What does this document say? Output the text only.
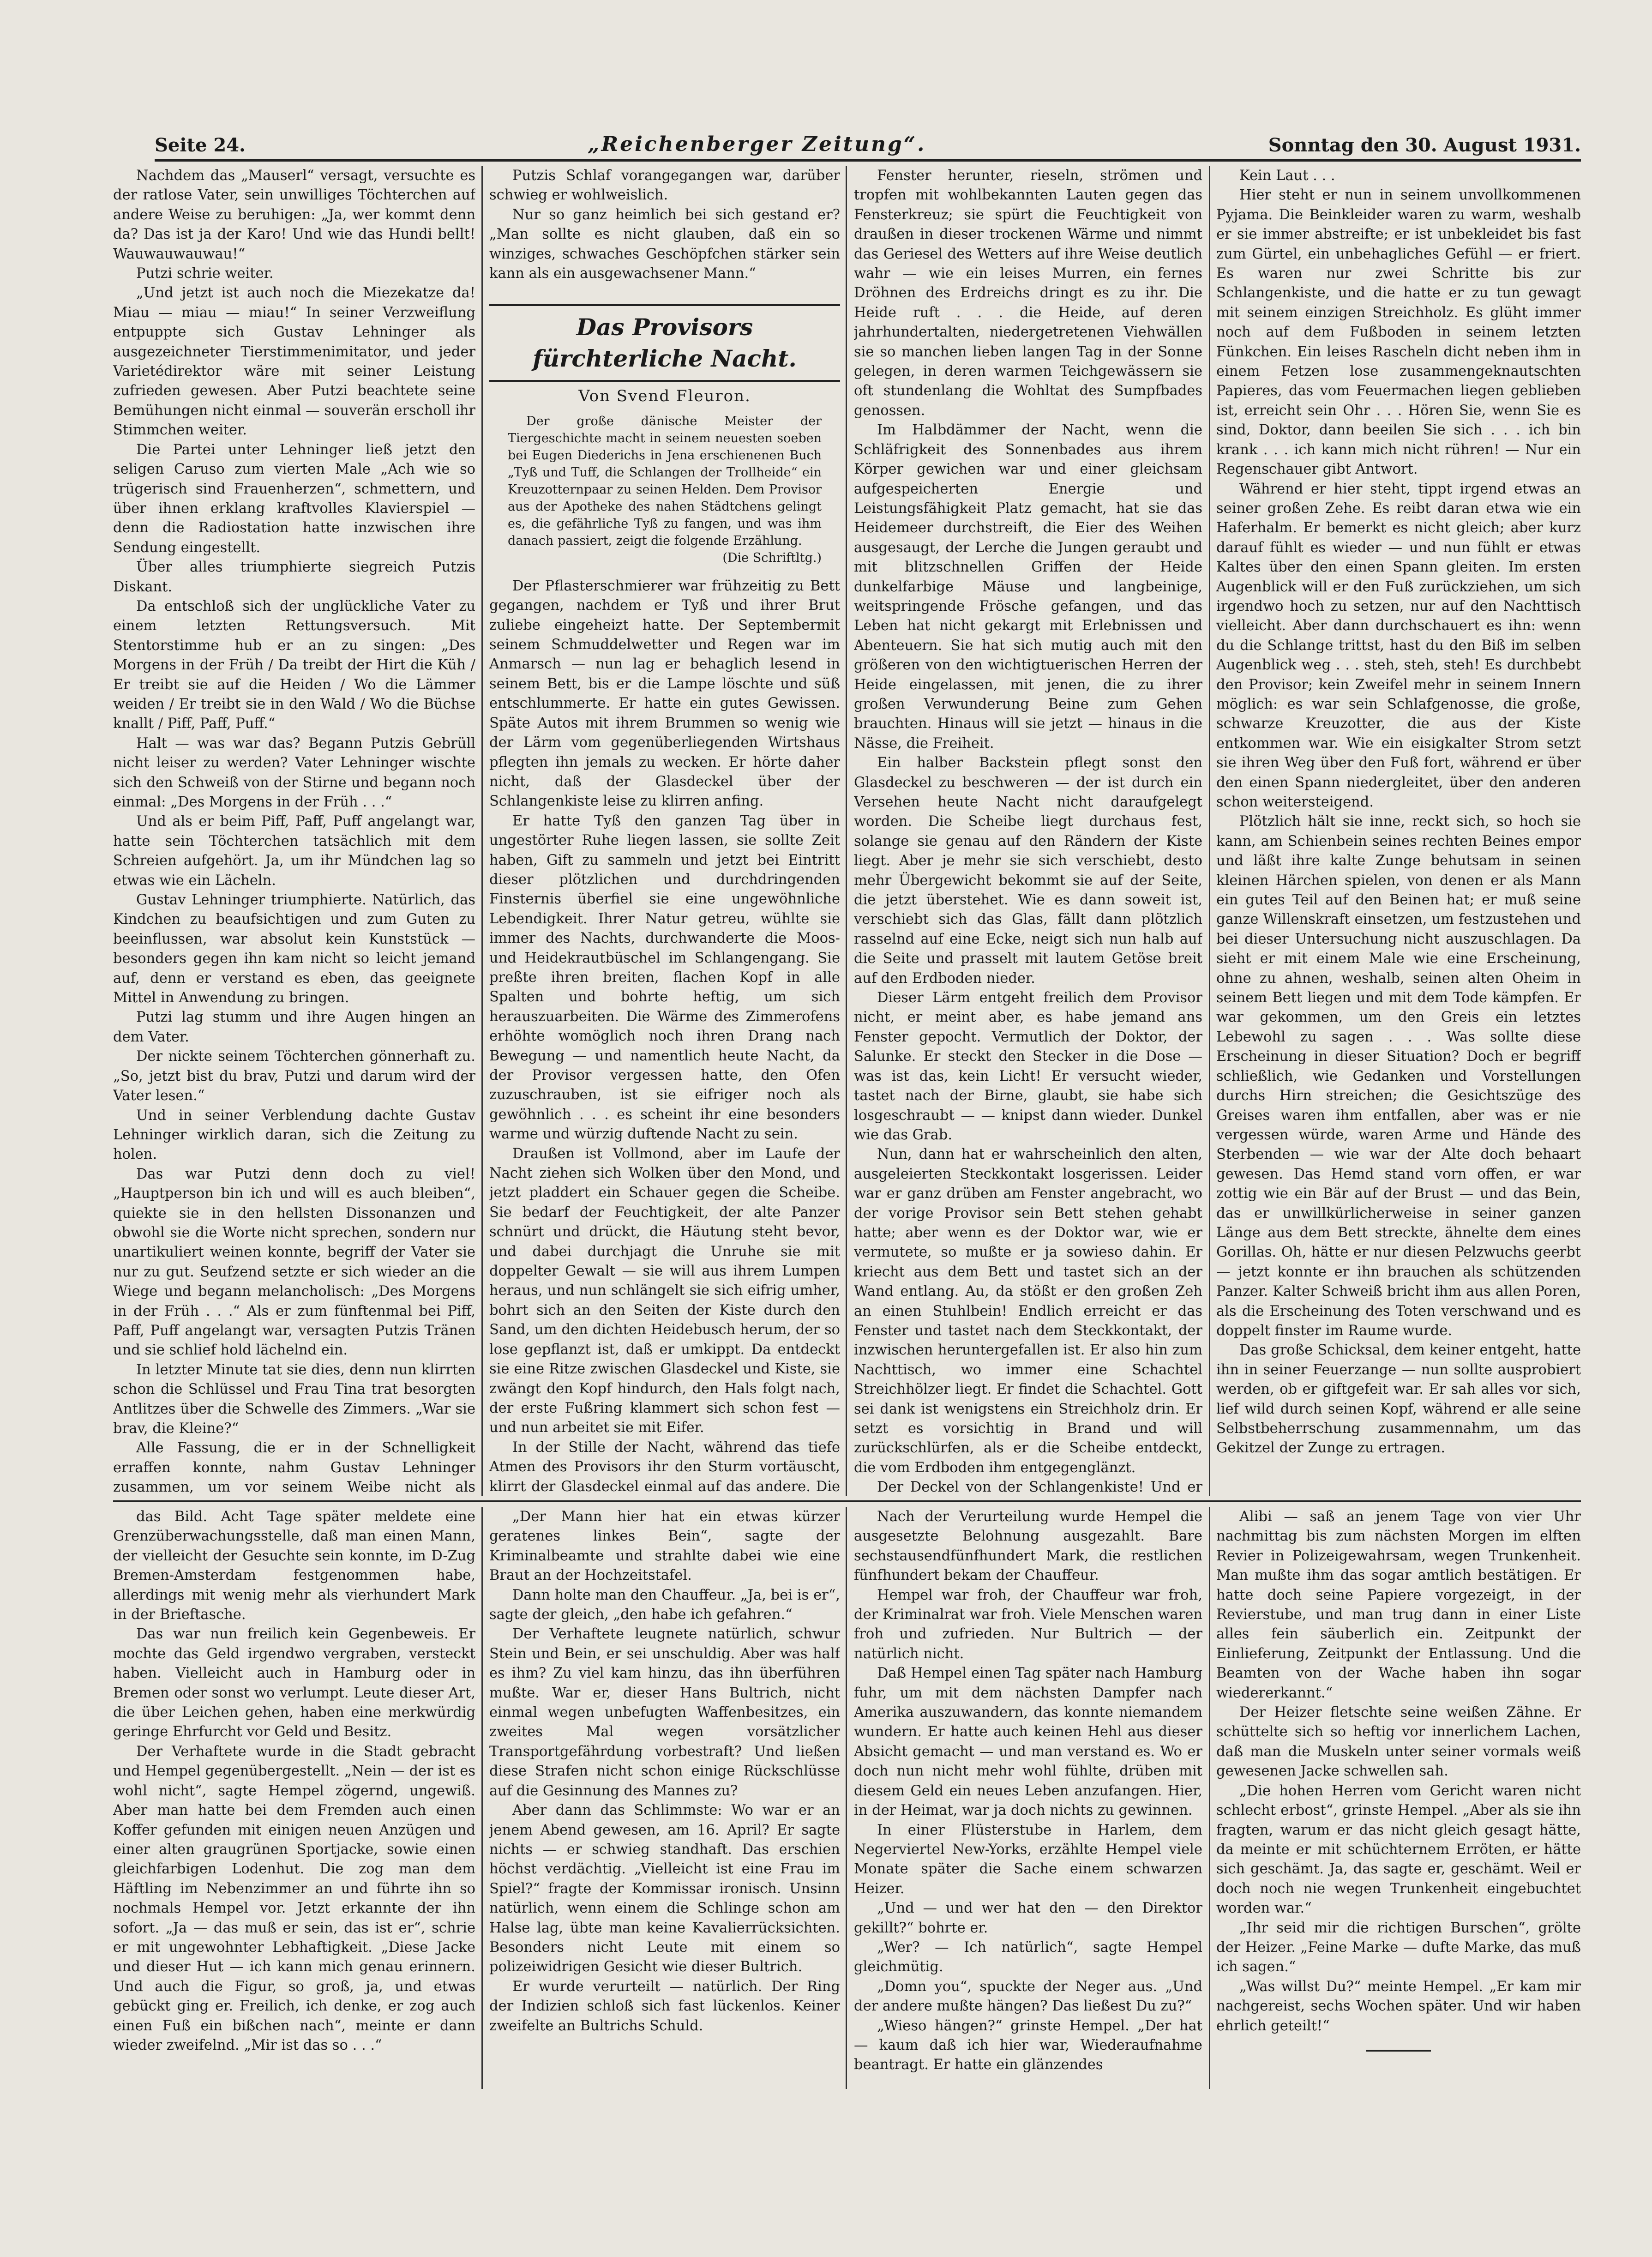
Seite 24.	„Reichenberger Zeitung“.	Sonntag den 30. August 1931.

Nachdem das „Mauserl“ versagt, versuchte es der ratlose Vater, sein unwilliges Töchterchen auf andere Weise zu beruhigen: „Ja, wer kommt denn da? Das ist ja der Karo! Und wie das Hundi bellt! Wauwauwauwau!“

Putzi schrie weiter.

„Und jetzt ist auch noch die Miezekatze da! Miau — miau — miau!“ In seiner Verzweiflung entpuppte sich Gustav Lehninger als ausgezeichneter Tierstimmenimitator, und jeder Varietédirektor wäre mit seiner Leistung zufrieden gewesen. Aber Putzi beachtete seine Bemühungen nicht einmal — souverän erscholl ihr Stimmchen weiter.

Die Partei unter Lehninger ließ jetzt den seligen Caruso zum vierten Male „Ach wie so trügerisch sind Frauenherzen“, schmettern, und über ihnen erklang kraftvolles Klavierspiel — denn die Radiostation hatte inzwischen ihre Sendung eingestellt.

Über alles triumphierte siegreich Putzis Diskant.

Da entschloß sich der unglückliche Vater zu einem letzten Rettungsversuch. Mit Stentorstimme hub er an zu singen: „Des Morgens in der Früh / Da treibt der Hirt die Küh / Er treibt sie auf die Heiden / Wo die Lämmer weiden / Er treibt sie in den Wald / Wo die Büchse knallt / Piff, Paff, Puff.“

Halt — was war das? Begann Putzis Gebrüll nicht leiser zu werden? Vater Lehninger wischte sich den Schweiß von der Stirne und begann noch einmal: „Des Morgens in der Früh . . .“

Und als er beim Piff, Paff, Puff angelangt war, hatte sein Töchterchen tatsächlich mit dem Schreien aufgehört. Ja, um ihr Mündchen lag so etwas wie ein Lächeln.

Gustav Lehninger triumphierte. Natürlich, das Kindchen zu beaufsichtigen und zum Guten zu beeinflussen, war absolut kein Kunststück — besonders gegen ihn kam nicht so leicht jemand auf, denn er verstand es eben, das geeignete Mittel in Anwendung zu bringen.

Putzi lag stumm und ihre Augen hingen an dem Vater.

Der nickte seinem Töchterchen gönnerhaft zu. „So, jetzt bist du brav, Putzi und darum wird der Vater lesen.“

Und in seiner Verblendung dachte Gustav Lehninger wirklich daran, sich die Zeitung zu holen.

Das war Putzi denn doch zu viel! „Hauptperson bin ich und will es auch bleiben“, quiekte sie in den hellsten Dissonanzen und obwohl sie die Worte nicht sprechen, sondern nur unartikuliert weinen konnte, begriff der Vater sie nur zu gut. Seufzend setzte er sich wieder an die Wiege und begann melancholisch: „Des Morgens in der Früh . . .“ Als er zum fünftenmal bei Piff, Paff, Puff angelangt war, versagten Putzis Tränen und sie schlief hold lächelnd ein.

In letzter Minute tat sie dies, denn nun klirrten schon die Schlüssel und Frau Tina trat besorgten Antlitzes über die Schwelle des Zimmers. „War sie brav, die Kleine?“

Alle Fassung, die er in der Schnelligkeit erraffen konnte, nahm Gustav Lehninger zusammen, um vor seinem Weibe nicht als

Putzis Schlaf vorangegangen war, darüber schwieg er wohlweislich.

Nur so ganz heimlich bei sich gestand er? „Man sollte es nicht glauben, daß ein so winziges, schwaches Geschöpfchen stärker sein kann als ein ausgewachsener Mann.“

Das Provisors fürchterliche Nacht.
Von Svend Fleuron.
Der große dänische Meister der Tiergeschichte macht in seinem neuesten soeben bei Eugen Diederichs in Jena erschienenen Buch „Tyß und Tuff, die Schlangen der Trollheide“ ein Kreuzotternpaar zu seinen Helden. Dem Provisor aus der Apotheke des nahen Städtchens gelingt es, die gefährliche Tyß zu fangen, und was ihm danach passiert, zeigt die folgende Erzählung.
(Die Schriftltg.)

Der Pflasterschmierer war frühzeitig zu Bett gegangen, nachdem er Tyß und ihrer Brut zuliebe eingeheizt hatte. Der Septembermit seinem Schmuddelwetter und Regen war im Anmarsch — nun lag er behaglich lesend in seinem Bett, bis er die Lampe löschte und süß entschlummerte. Er hatte ein gutes Gewissen. Späte Autos mit ihrem Brummen so wenig wie der Lärm vom gegenüberliegenden Wirtshaus pflegten ihn jemals zu wecken. Er hörte daher nicht, daß der Glasdeckel über der Schlangenkiste leise zu klirren anfing.

Er hatte Tyß den ganzen Tag über in ungestörter Ruhe liegen lassen, sie sollte Zeit haben, Gift zu sammeln und jetzt bei Eintritt dieser plötzlichen und durchdringenden Finsternis überfiel sie eine ungewöhnliche Lebendigkeit. Ihrer Natur getreu, wühlte sie immer des Nachts, durchwanderte die Moos- und Heidekrautbüschel im Schlangengang. Sie preßte ihren breiten, flachen Kopf in alle Spalten und bohrte heftig, um sich herauszuarbeiten. Die Wärme des Zimmerofens erhöhte womöglich noch ihren Drang nach Bewegung — und namentlich heute Nacht, da der Provisor vergessen hatte, den Ofen zuzuschrauben, ist sie eifriger noch als gewöhnlich . . . es scheint ihr eine besonders warme und würzig duftende Nacht zu sein.

Draußen ist Vollmond, aber im Laufe der Nacht ziehen sich Wolken über den Mond, und jetzt pladdert ein Schauer gegen die Scheibe. Sie bedarf der Feuchtigkeit, der alte Panzer schnürt und drückt, die Häutung steht bevor, und dabei durchjagt die Unruhe sie mit doppelter Gewalt — sie will aus ihrem Lumpen heraus, und nun schlängelt sie sich eifrig umher, bohrt sich an den Seiten der Kiste durch den Sand, um den dichten Heidebusch herum, der so lose gepflanzt ist, daß er umkippt. Da entdeckt sie eine Ritze zwischen Glasdeckel und Kiste, sie zwängt den Kopf hindurch, den Hals folgt nach, der erste Fußring klammert sich schon fest — und nun arbeitet sie mit Eifer.

In der Stille der Nacht, während das tiefe Atmen des Provisors ihr den Sturm vortäuscht, klirrt der Glasdeckel einmal auf das andere. Die

Fenster herunter, rieseln, strömen und tropfen mit wohlbekannten Lauten gegen das Fensterkreuz; sie spürt die Feuchtigkeit von draußen in dieser trockenen Wärme und nimmt das Geriesel des Wetters auf ihre Weise deutlich wahr — wie ein leises Murren, ein fernes Dröhnen des Erdreichs dringt es zu ihr. Die Heide ruft . . . die Heide, auf deren jahrhundertalten, niedergetretenen Viehwällen sie so manchen lieben langen Tag in der Sonne gelegen, in deren warmen Teichgewässern sie oft stundenlang die Wohltat des Sumpfbades genossen.

Im Halbdämmer der Nacht, wenn die Schläfrigkeit des Sonnenbades aus ihrem Körper gewichen war und einer gleichsam aufgespeicherten Energie und Leistungsfähigkeit Platz gemacht, hat sie das Heidemeer durchstreift, die Eier des Weihen ausgesaugt, der Lerche die Jungen geraubt und mit blitzschnellen Griffen der Heide dunkelfarbige Mäuse und langbeinige, weitspringende Frösche gefangen, und das Leben hat nicht gekargt mit Erlebnissen und Abenteuern. Sie hat sich mutig auch mit den größeren von den wichtigtuerischen Herren der Heide eingelassen, mit jenen, die zu ihrer großen Verwunderung Beine zum Gehen brauchten. Hinaus will sie jetzt — hinaus in die Nässe, die Freiheit.

Ein halber Backstein pflegt sonst den Glasdeckel zu beschweren — der ist durch ein Versehen heute Nacht nicht daraufgelegt worden. Die Scheibe liegt durchaus fest, solange sie genau auf den Rändern der Kiste liegt. Aber je mehr sie sich verschiebt, desto mehr Übergewicht bekommt sie auf der Seite, die jetzt überstehet. Wie es dann soweit ist, verschiebt sich das Glas, fällt dann plötzlich rasselnd auf eine Ecke, neigt sich nun halb auf die Seite und prasselt mit lautem Getöse breit auf den Erdboden nieder.

Dieser Lärm entgeht freilich dem Provisor nicht, er meint aber, es habe jemand ans Fenster gepocht. Vermutlich der Doktor, der Salunke. Er steckt den Stecker in die Dose — was ist das, kein Licht! Er versucht wieder, tastet nach der Birne, glaubt, sie habe sich losgeschraubt — — knipst dann wieder. Dunkel wie das Grab.

Nun, dann hat er wahrscheinlich den alten, ausgeleierten Steckkontakt losgerissen. Leider war er ganz drüben am Fenster angebracht, wo der vorige Provisor sein Bett stehen gehabt hatte; aber wenn es der Doktor war, wie er vermutete, so mußte er ja sowieso dahin. Er kriecht aus dem Bett und tastet sich an der Wand entlang. Au, da stößt er den großen Zeh an einen Stuhlbein! Endlich erreicht er das Fenster und tastet nach dem Steckkontakt, der inzwischen heruntergefallen ist. Er also hin zum Nachttisch, wo immer eine Schachtel Streichhölzer liegt. Er findet die Schachtel. Gott sei dank ist wenigstens ein Streichholz drin. Er setzt es vorsichtig in Brand und will zurückschlürfen, als er die Scheibe entdeckt, die vom Erdboden ihm entgegenglänzt.

Der Deckel von der Schlangenkiste! Und er

Kein Laut . . .

Hier steht er nun in seinem unvollkommenen Pyjama. Die Beinkleider waren zu warm, weshalb er sie immer abstreifte; er ist unbekleidet bis fast zum Gürtel, ein unbehagliches Gefühl — er friert. Es waren nur zwei Schritte bis zur Schlangenkiste, und die hatte er zu tun gewagt mit seinem einzigen Streichholz. Es glüht immer noch auf dem Fußboden in seinem letzten Fünkchen. Ein leises Rascheln dicht neben ihm in einem Fetzen lose zusammengeknautschten Papieres, das vom Feuermachen liegen geblieben ist, erreicht sein Ohr . . . Hören Sie, wenn Sie es sind, Doktor, dann beeilen Sie sich . . . ich bin krank . . . ich kann mich nicht rühren! — Nur ein Regenschauer gibt Antwort.

Während er hier steht, tippt irgend etwas an seiner großen Zehe. Es reibt daran etwa wie ein Haferhalm. Er bemerkt es nicht gleich; aber kurz darauf fühlt es wieder — und nun fühlt er etwas Kaltes über den einen Spann gleiten. Im ersten Augenblick will er den Fuß zurückziehen, um sich irgendwo hoch zu setzen, nur auf den Nachttisch vielleicht. Aber dann durchschauert es ihn: wenn du die Schlange trittst, hast du den Biß im selben Augenblick weg . . . steh, steh, steh! Es durchbebt den Provisor; kein Zweifel mehr in seinem Innern möglich: es war sein Schlafgenosse, die große, schwarze Kreuzotter, die aus der Kiste entkommen war. Wie ein eisigkalter Strom setzt sie ihren Weg über den Fuß fort, während er über den einen Spann niedergleitet, über den anderen schon weitersteigend.

Plötzlich hält sie inne, reckt sich, so hoch sie kann, am Schienbein seines rechten Beines empor und läßt ihre kalte Zunge behutsam in seinen kleinen Härchen spielen, von denen er als Mann ein gutes Teil auf den Beinen hat; er muß seine ganze Willenskraft einsetzen, um festzustehen und bei dieser Untersuchung nicht auszuschlagen. Da sieht er mit einem Male wie eine Erscheinung, ohne zu ahnen, weshalb, seinen alten Oheim in seinem Bett liegen und mit dem Tode kämpfen. Er war gekommen, um den Greis ein letztes Lebewohl zu sagen . . . Was sollte diese Erscheinung in dieser Situation? Doch er begriff schließlich, wie Gedanken und Vorstellungen durchs Hirn streichen; die Gesichtszüge des Greises waren ihm entfallen, aber was er nie vergessen würde, waren Arme und Hände des Sterbenden — wie war der Alte doch behaart gewesen. Das Hemd stand vorn offen, er war zottig wie ein Bär auf der Brust — und das Bein, das er unwillkürlicherweise in seiner ganzen Länge aus dem Bett streckte, ähnelte dem eines Gorillas. Oh, hätte er nur diesen Pelzwuchs geerbt — jetzt konnte er ihn brauchen als schützenden Panzer. Kalter Schweiß bricht ihm aus allen Poren, als die Erscheinung des Toten verschwand und es doppelt finster im Raume wurde.

Das große Schicksal, dem keiner entgeht, hatte ihn in seiner Feuerzange — nun sollte ausprobiert werden, ob er giftgefeit war. Er sah alles vor sich, lief wild durch seinen Kopf, während er alle seine Selbstbeherrschung zusammennahm, um das Gekitzel der Zunge zu ertragen.

das Bild. Acht Tage später meldete eine Grenzüberwachungsstelle, daß man einen Mann, der vielleicht der Gesuchte sein konnte, im D-Zug Bremen-Amsterdam festgenommen habe, allerdings mit wenig mehr als vierhundert Mark in der Brieftasche.

Das war nun freilich kein Gegenbeweis. Er mochte das Geld irgendwo vergraben, versteckt haben. Vielleicht auch in Hamburg oder in Bremen oder sonst wo verlumpt. Leute dieser Art, die über Leichen gehen, haben eine merkwürdig geringe Ehrfurcht vor Geld und Besitz.

Der Verhaftete wurde in die Stadt gebracht und Hempel gegenübergestellt. „Nein — der ist es wohl nicht“, sagte Hempel zögernd, ungewiß. Aber man hatte bei dem Fremden auch einen Koffer gefunden mit einigen neuen Anzügen und einer alten graugrünen Sportjacke, sowie einen gleichfarbigen Lodenhut. Die zog man dem Häftling im Nebenzimmer an und führte ihn so nochmals Hempel vor. Jetzt erkannte der ihn sofort. „Ja — das muß er sein, das ist er“, schrie er mit ungewohnter Lebhaftigkeit. „Diese Jacke und dieser Hut — ich kann mich genau erinnern. Und auch die Figur, so groß, ja, und etwas gebückt ging er. Freilich, ich denke, er zog auch einen Fuß ein bißchen nach“, meinte er dann wieder zweifelnd. „Mir ist das so . . .“

„Der Mann hier hat ein etwas kürzer geratenes linkes Bein“, sagte der Kriminalbeamte und strahlte dabei wie eine Braut an der Hochzeitstafel.

Dann holte man den Chauffeur. „Ja, bei is er“, sagte der gleich, „den habe ich gefahren.“

Der Verhaftete leugnete natürlich, schwur Stein und Bein, er sei unschuldig. Aber was half es ihm? Zu viel kam hinzu, das ihn überführen mußte. War er, dieser Hans Bultrich, nicht einmal wegen unbefugten Waffenbesitzes, ein zweites Mal wegen vorsätzlicher Transportgefährdung vorbestraft? Und ließen diese Strafen nicht schon einige Rückschlüsse auf die Gesinnung des Mannes zu?

Aber dann das Schlimmste: Wo war er an jenem Abend gewesen, am 16. April? Er sagte nichts — er schwieg standhaft. Das erschien höchst verdächtig. „Vielleicht ist eine Frau im Spiel?“ fragte der Kommissar ironisch. Unsinn natürlich, wenn einem die Schlinge schon am Halse lag, übte man keine Kavalierrücksichten. Besonders nicht Leute mit einem so polizeiwidrigen Gesicht wie dieser Bultrich.

Er wurde verurteilt — natürlich. Der Ring der Indizien schloß sich fast lückenlos. Keiner zweifelte an Bultrichs Schuld.

Nach der Verurteilung wurde Hempel die ausgesetzte Belohnung ausgezahlt. Bare sechstausendfünfhundert Mark, die restlichen fünfhundert bekam der Chauffeur.

Hempel war froh, der Chauffeur war froh, der Kriminalrat war froh. Viele Menschen waren froh und zufrieden. Nur Bultrich — der natürlich nicht.

Daß Hempel einen Tag später nach Hamburg fuhr, um mit dem nächsten Dampfer nach Amerika auszuwandern, das konnte niemandem wundern. Er hatte auch keinen Hehl aus dieser Absicht gemacht — und man verstand es. Wo er doch nun nicht mehr wohl fühlte, drüben mit diesem Geld ein neues Leben anzufangen. Hier, in der Heimat, war ja doch nichts zu gewinnen.

In einer Flüsterstube in Harlem, dem Negerviertel New-Yorks, erzählte Hempel viele Monate später die Sache einem schwarzen Heizer.

„Und — und wer hat den — den Direktor gekillt?“ bohrte er.

„Wer? — Ich natürlich“, sagte Hempel gleichmütig.

„Domn you“, spuckte der Neger aus. „Und der andere mußte hängen? Das ließest Du zu?“

„Wieso hängen?“ grinste Hempel. „Der hat — kaum daß ich hier war, Wiederaufnahme beantragt. Er hatte ein glänzendes

Alibi — saß an jenem Tage von vier Uhr nachmittag bis zum nächsten Morgen im elften Revier in Polizeigewahrsam, wegen Trunkenheit. Man mußte ihm das sogar amtlich bestätigen. Er hatte doch seine Papiere vorgezeigt, in der Revierstube, und man trug dann in einer Liste alles fein säuberlich ein. Zeitpunkt der Einlieferung, Zeitpunkt der Entlassung. Und die Beamten von der Wache haben ihn sogar wiedererkannt.“

Der Heizer fletschte seine weißen Zähne. Er schüttelte sich so heftig vor innerlichem Lachen, daß man die Muskeln unter seiner vormals weiß gewesenen Jacke schwellen sah.

„Die hohen Herren vom Gericht waren nicht schlecht erbost“, grinste Hempel. „Aber als sie ihn fragten, warum er das nicht gleich gesagt hätte, da meinte er mit schüchternem Erröten, er hätte sich geschämt. Ja, das sagte er, geschämt. Weil er doch noch nie wegen Trunkenheit eingebuchtet worden war.“

„Ihr seid mir die richtigen Burschen“, grölte der Heizer. „Feine Marke — dufte Marke, das muß ich sagen.“

„Was willst Du?“ meinte Hempel. „Er kam mir nachgereist, sechs Wochen später. Und wir haben ehrlich geteilt!“
